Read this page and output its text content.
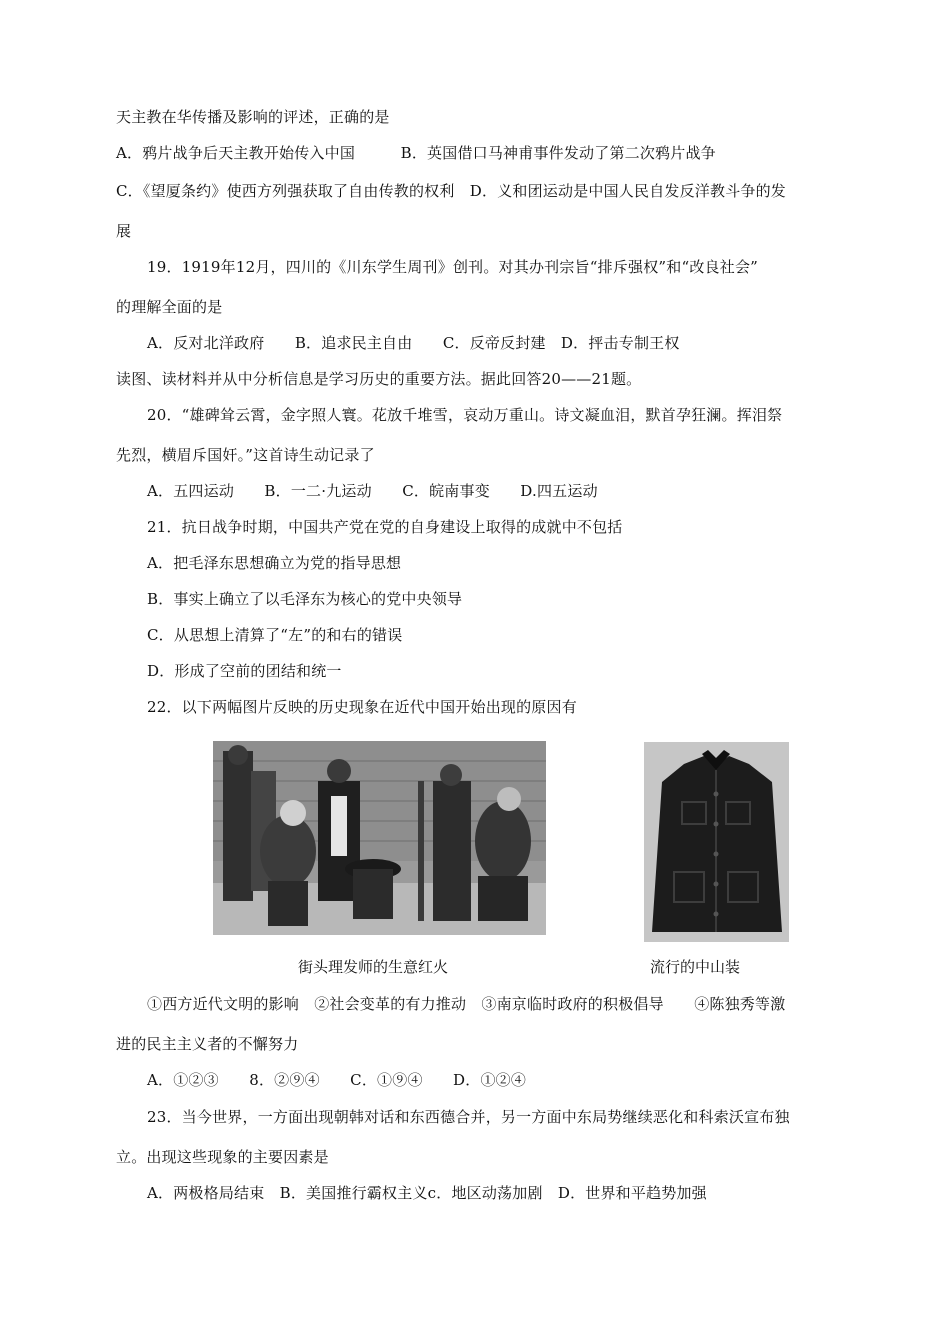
天主教在华传播及影响的评述，正确的是
A．鸦片战争后天主教开始传入中国　　　B．英国借口马神甫事件发动了第二次鸦片战争
C．《望厦条约》使西方列强获取了自由传教的权利　D．义和团运动是中国人民自发反洋教斗争的发
展
19．1919年12月，四川的《川东学生周刊》创刊。对其办刊宗旨“排斥强权”和“改良社会”
的理解全面的是
A．反对北洋政府　　B．追求民主自由　　C．反帝反封建　D．抨击专制王权
读图、读材料并从中分析信息是学习历史的重要方法。据此回答20——21题。
20．“雄碑耸云霄，金字照人寰。花放千堆雪，哀动万重山。诗文凝血泪，默首孕狂澜。挥泪祭
先烈，横眉斥国奸。”这首诗生动记录了
A．五四运动　　B．一二·九运动　　C．皖南事变　　D.四五运动
21．抗日战争时期，中国共产党在党的自身建设上取得的成就中不包括
A．把毛泽东思想确立为党的指导思想
B．事实上确立了以毛泽东为核心的党中央领导
C．从思想上清算了“左”的和右的错误
D．形成了空前的团结和统一
22．以下两幅图片反映的历史现象在近代中国开始出现的原因有
街头理发师的生意红火	流行的中山装
①西方近代文明的影响　②社会变革的有力推动　③南京临时政府的积极倡导　　④陈独秀等激
进的民主主义者的不懈努力
A．①②③　　8．②⑨④　　C．①⑨④　　D．①②④
23．当今世界，一方面出现朝韩对话和东西德合并，另一方面中东局势继续恶化和科索沃宣布独
立。出现这些现象的主要因素是
A．两极格局结束　B．美国推行霸权主义c．地区动荡加剧　D．世界和平趋势加强
